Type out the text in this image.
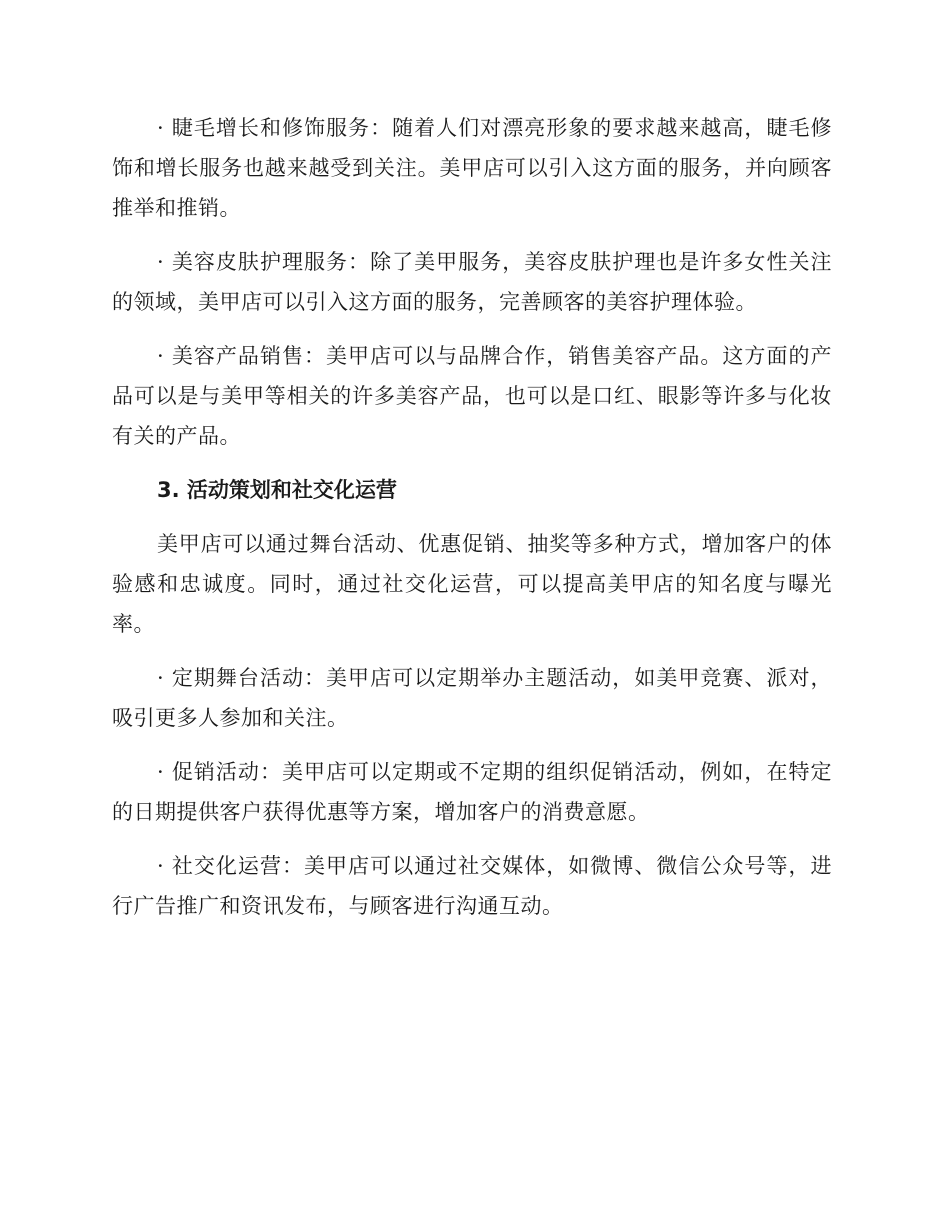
· 睫毛增长和修饰服务：随着人们对漂亮形象的要求越来越高，睫毛修饰和增长服务也越来越受到关注。美甲店可以引入这方面的服务，并向顾客推举和推销。

· 美容皮肤护理服务：除了美甲服务，美容皮肤护理也是许多女性关注的领域，美甲店可以引入这方面的服务，完善顾客的美容护理体验。

· 美容产品销售：美甲店可以与品牌合作，销售美容产品。这方面的产品可以是与美甲等相关的许多美容产品，也可以是口红、眼影等许多与化妆有关的产品。

3. 活动策划和社交化运营

美甲店可以通过舞台活动、优惠促销、抽奖等多种方式，增加客户的体验感和忠诚度。同时，通过社交化运营，可以提高美甲店的知名度与曝光率。

· 定期舞台活动：美甲店可以定期举办主题活动，如美甲竞赛、派对，吸引更多人参加和关注。

· 促销活动：美甲店可以定期或不定期的组织促销活动，例如，在特定的日期提供客户获得优惠等方案，增加客户的消费意愿。

· 社交化运营：美甲店可以通过社交媒体，如微博、微信公众号等，进行广告推广和资讯发布，与顾客进行沟通互动。
